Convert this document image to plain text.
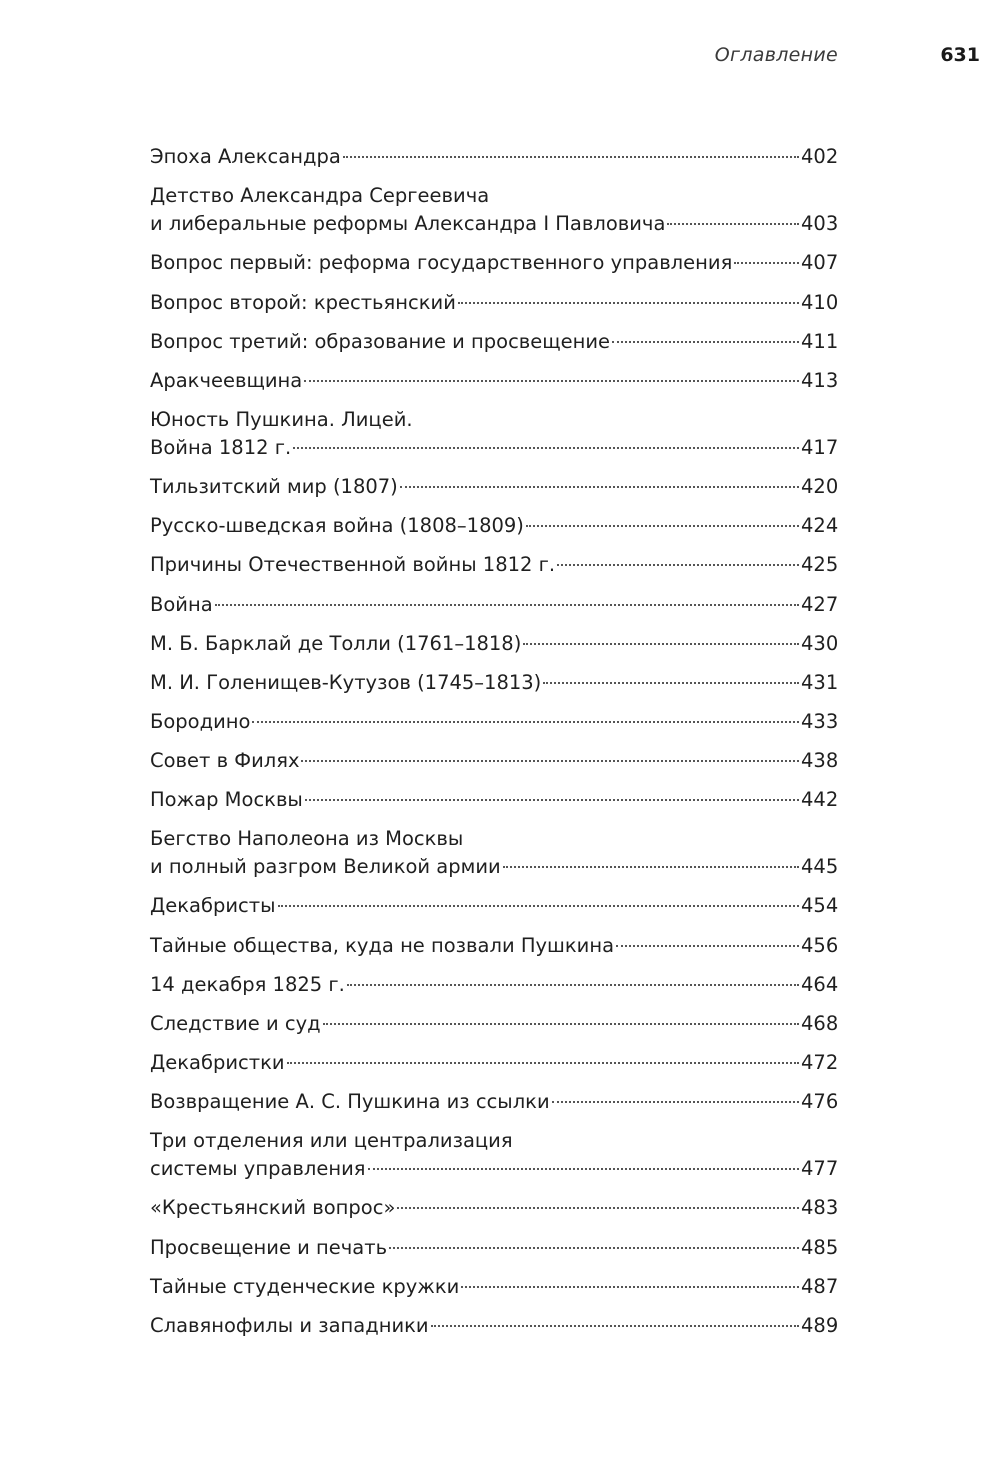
Оглавление	631
Эпоха Александра	402
Детство Александра Сергеевича
и либеральные реформы Александра I Павловича	403
Вопрос первый: реформа государственного управления	407
Вопрос второй: крестьянский	410
Вопрос третий: образование и просвещение	411
Аракчеевщина	413
Юность Пушкина. Лицей.
Война 1812 г.	417
Тильзитский мир (1807)	420
Русско-шведская война (1808–1809)	424
Причины Отечественной войны 1812 г.	425
Война	427
М. Б. Барклай де Толли (1761–1818)	430
М. И. Голенищев-Кутузов (1745–1813)	431
Бородино	433
Совет в Филях	438
Пожар Москвы	442
Бегство Наполеона из Москвы
и полный разгром Великой армии	445
Декабристы	454
Тайные общества, куда не позвали Пушкина	456
14 декабря 1825 г.	464
Следствие и суд	468
Декабристки	472
Возвращение А. С. Пушкина из ссылки	476
Три отделения или централизация
системы управления	477
«Крестьянский вопрос»	483
Просвещение и печать	485
Тайные студенческие кружки	487
Славянофилы и западники	489
